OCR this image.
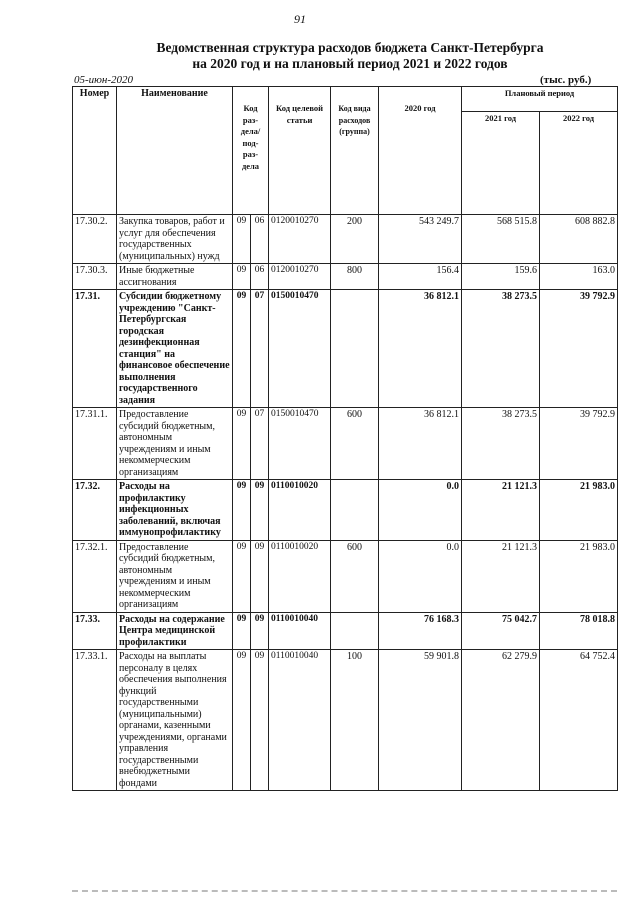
91
Ведомственная структура расходов бюджета Санкт-Петербурга
на 2020 год и на плановый период 2021 и 2022 годов
05-июн-2020	(тыс. руб.)
Номер	Наименование	Код раз-дела/ под-раз-дела		Код целевой статьи	Код вида расходов (группа)	2020 год	Плановый период	
							2021 год	2022 год
17.30.2.	Закупка товаров, работ и услуг для обеспечения государственных (муниципальных) нужд	09	06	0120010270	200	543 249.7	568 515.8	608 882.8
17.30.3.	Иные бюджетные ассигнования	09	06	0120010270	800	156.4	159.6	163.0
17.31.	Субсидии бюджетному учреждению "Санкт-Петербургская городская дезинфекционная станция" на финансовое обеспечение выполнения государственного задания	09	07	0150010470		36 812.1	38 273.5	39 792.9
17.31.1.	Предоставление субсидий бюджетным, автономным учреждениям и иным некоммерческим организациям	09	07	0150010470	600	36 812.1	38 273.5	39 792.9
17.32.	Расходы на профилактику инфекционных заболеваний, включая иммунопрофилактику	09	09	0110010020		0.0	21 121.3	21 983.0
17.32.1.	Предоставление субсидий бюджетным, автономным учреждениям и иным некоммерческим организациям	09	09	0110010020	600	0.0	21 121.3	21 983.0
17.33.	Расходы на содержание Центра медицинской профилактики	09	09	0110010040		76 168.3	75 042.7	78 018.8
17.33.1.	Расходы на выплаты персоналу в целях обеспечения выполнения функций государственными (муниципальными) органами, казенными учреждениями, органами управления государственными внебюджетными фондами	09	09	0110010040	100	59 901.8	62 279.9	64 752.4
